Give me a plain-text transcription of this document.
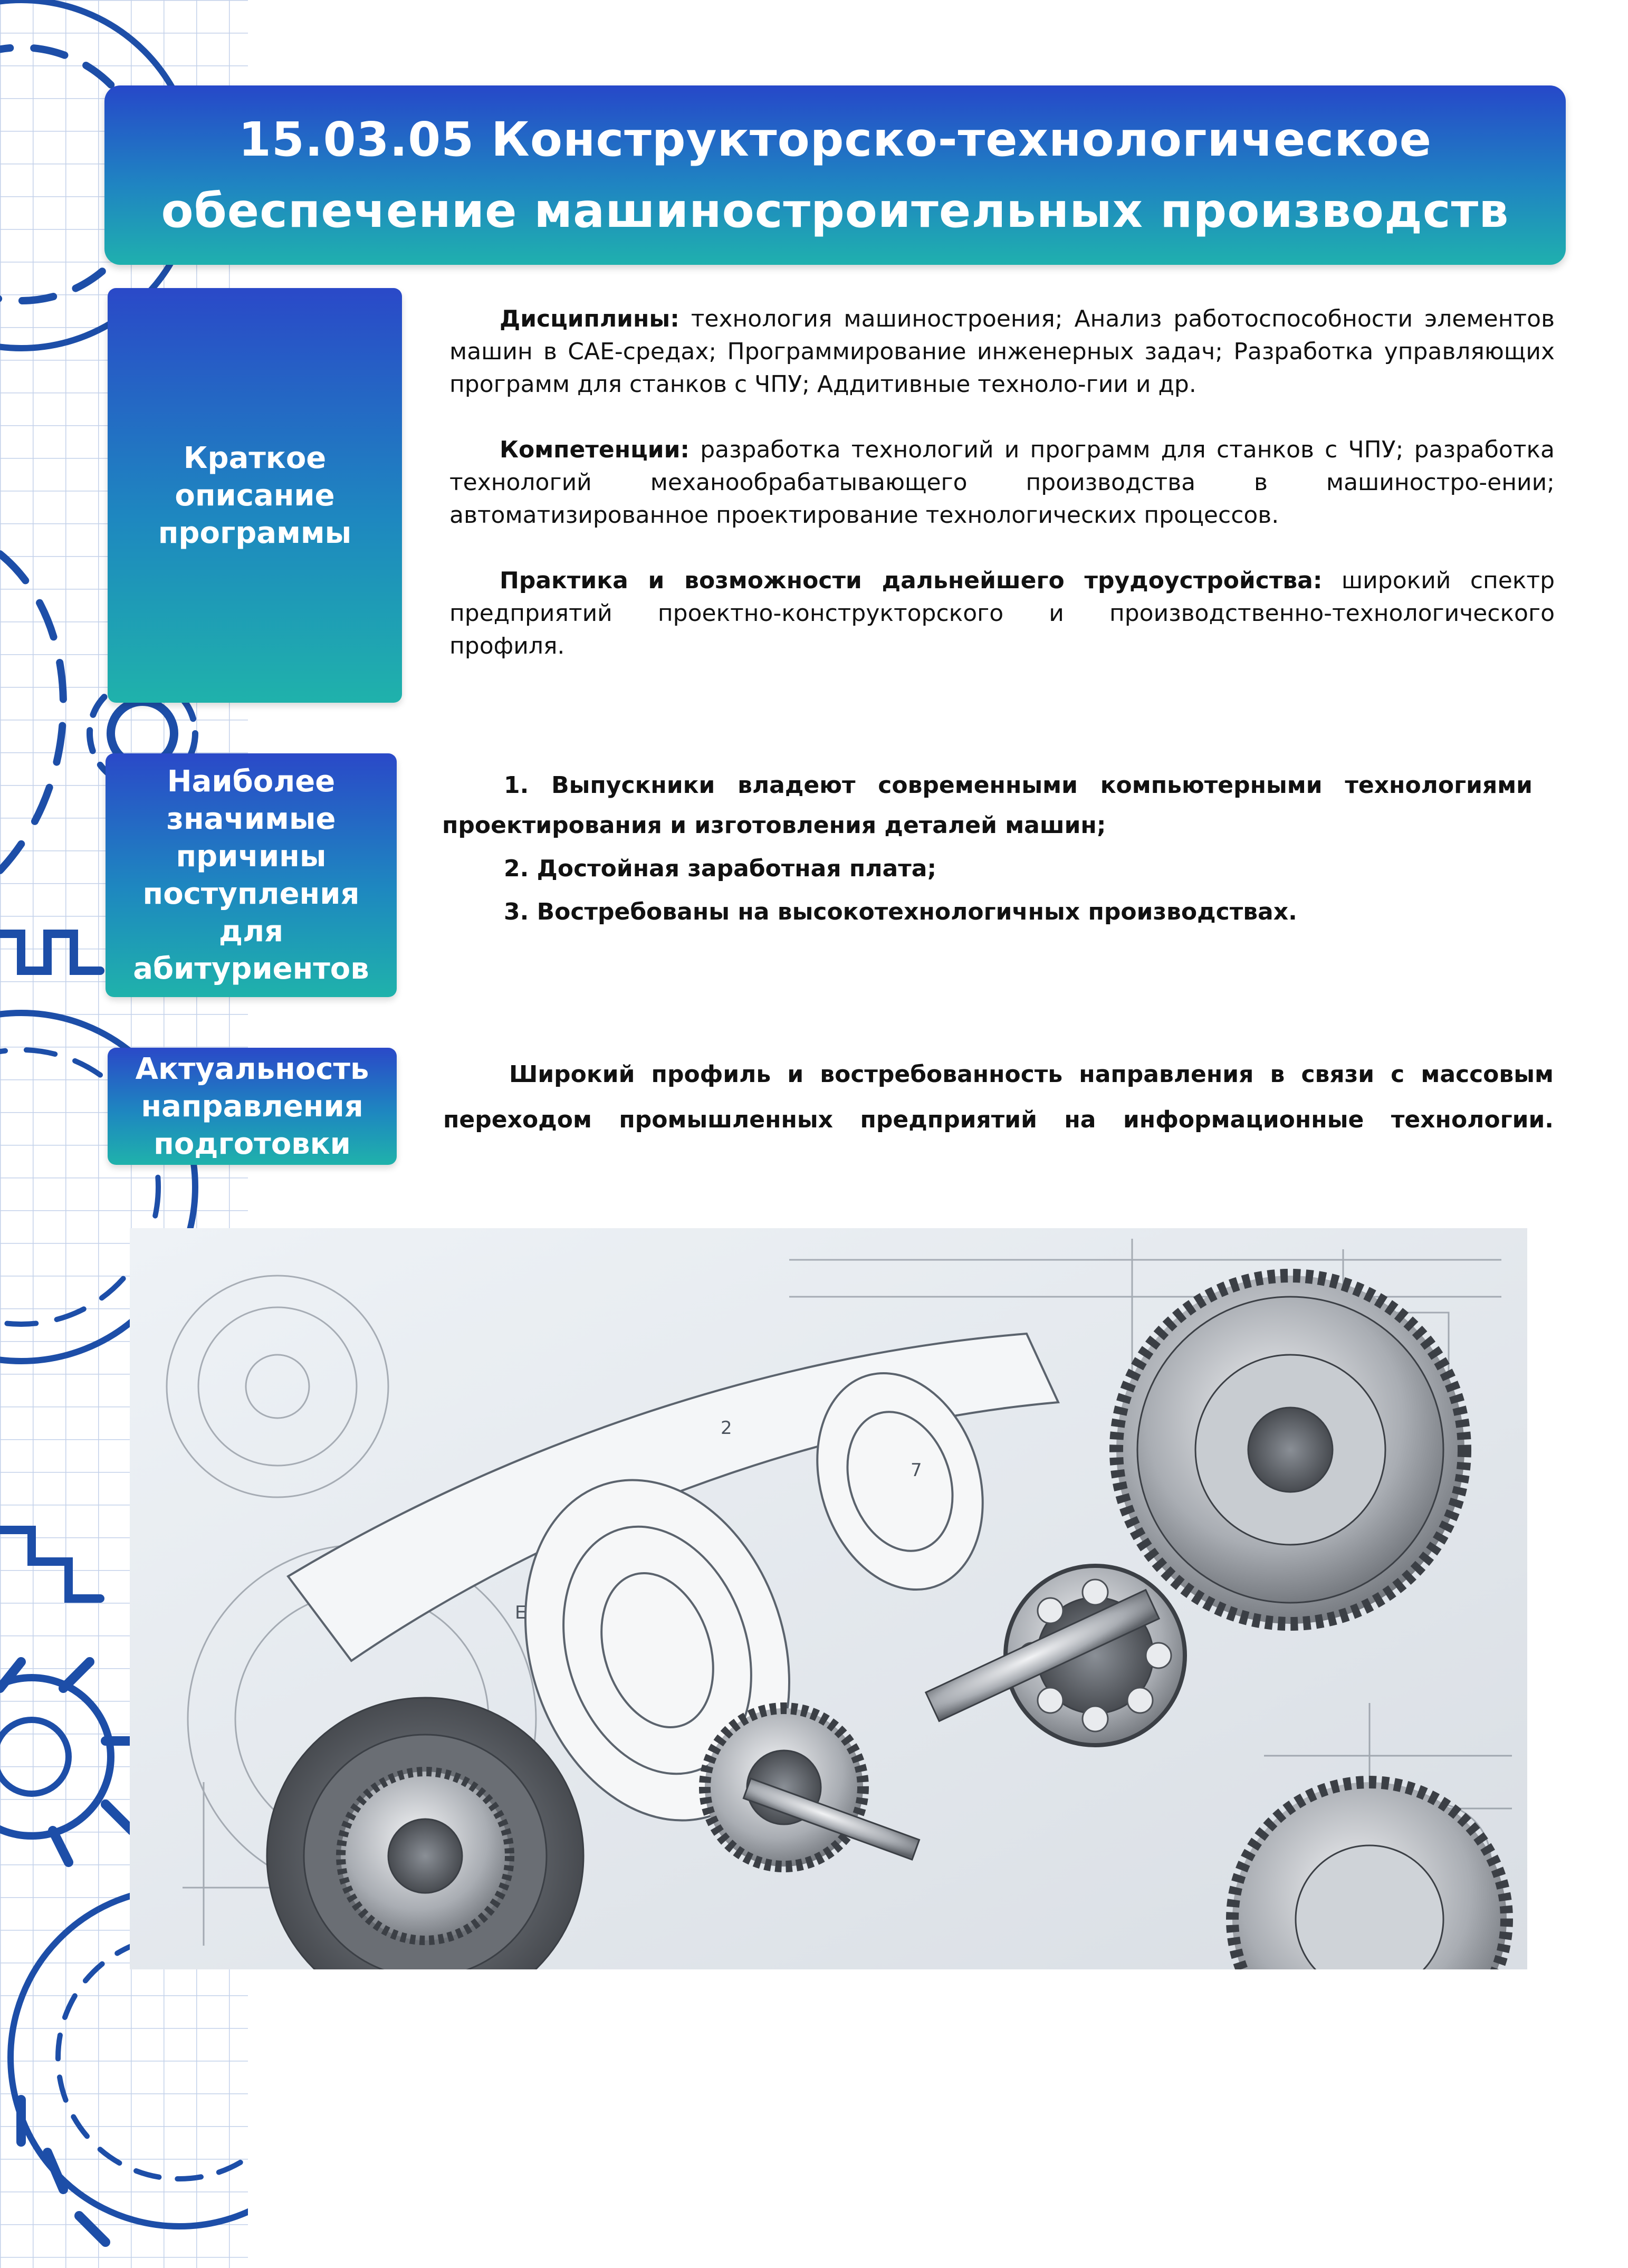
15.03.05 Конструкторско-технологическое
обеспечение машиностроительных производств
Краткое описание программы

Дисциплины: технология машиностроения; Анализ работоспособности элементов машин в CAE-средах; Программирование инженерных задач; Разработка управляющих программ для станков с ЧПУ; Аддитивные техноло-гии и др.

Компетенции: разработка технологий и программ для станков с ЧПУ; разработка технологий механообрабатывающего производства в машиностро-ении; автоматизированное проектирование технологических процессов.

Практика и возможности дальнейшего трудоустройства: широкий спектр предприятий проектно-конструкторского и производственно-технологического профиля.

Наиболее значимые причины поступления для абитуриентов
1. Выпускники владеют современными компьютерными технологиями
проектирования и изготовления деталей машин;
2. Достойная заработная плата;
3. Востребованы на высокотехнологичных производствах.
Актуальность направления подготовки
Широкий профиль и востребованность направления в связи с массовым
переходом промышленных предприятий на информационные технологии.
7
2
E
